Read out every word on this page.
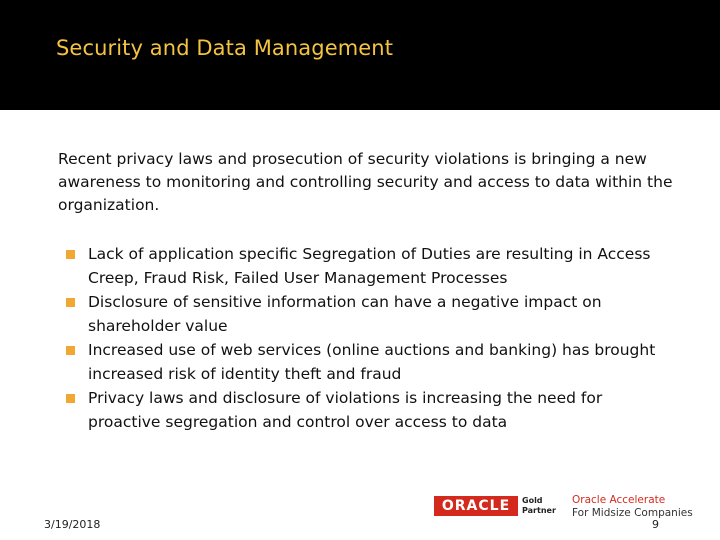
Security and Data Management
Recent privacy laws and prosecution of security violations is bringing a new awareness to monitoring and controlling security and access to data within the organization.
Lack of application specific Segregation of Duties are resulting in Access Creep, Fraud Risk, Failed User Management Processes
Disclosure of sensitive information can have a negative impact on shareholder value
Increased use of web services (online auctions and banking) has brought increased risk of identity theft and fraud
Privacy laws and disclosure of violations is increasing the need for proactive segregation and control over access to data
ORACLE	Gold
Partner
Oracle Accelerate
For Midsize Companies
3/19/2018	9
